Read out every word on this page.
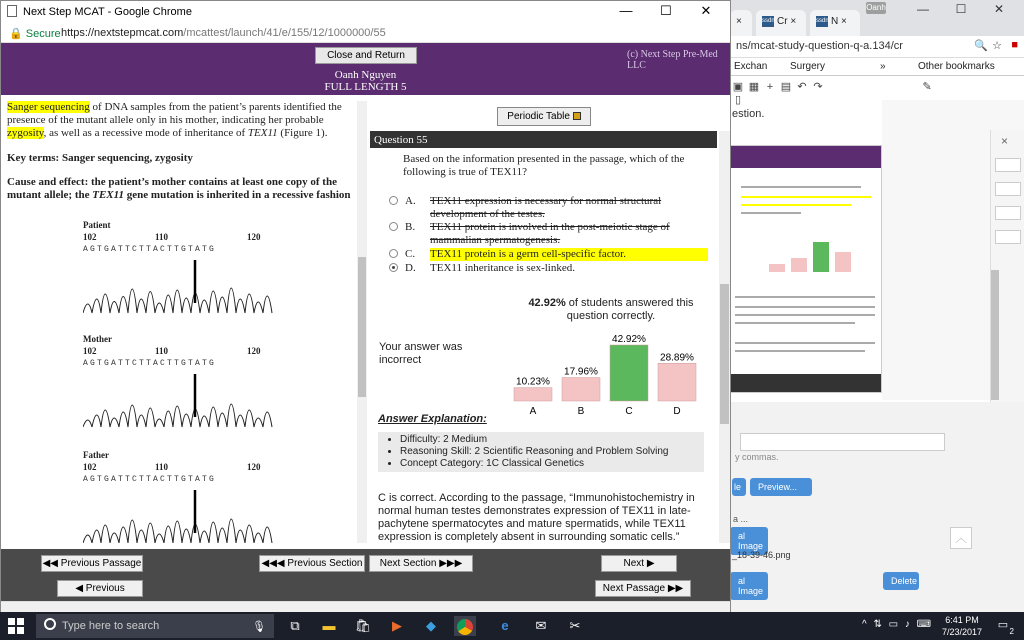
×	ssdn Cr ×	ssdn N ×
Oanh	— ☐ ✕
ns/mcat-study-question-q-a.134/cr	🔍 ☆ ■
Exchan Surgery	»	Other bookmarks
▣ ▦ + ▤ ↶ ↷	✎▯
estion.
×
y commas.
le	Preview...
a ...
al Image
_18-39-46.png
al Image
Delete
︿
Next Step MCAT - Google Chrome	— ☐ ✕
🔒 Secure https://nextstepmcat.com/mcattest/launch/41/e/155/12/1000000/55
Close and Return	(c) Next Step Pre-Med LLC
Oanh Nguyen
FULL LENGTH 5
Sanger sequencing of DNA samples from the patient’s parents identified the presence of the mutant allele only in his mother, indicating her probable zygosity, as well as a recessive mode of inheritance of TEX11 (Figure 1).
Key terms: Sanger sequencing, zygosity
Cause and effect: the patient’s mother contains at least one copy of the mutant allele; the TEX11 gene mutation is inherited in a recessive fashion
Patient
102	110	120
AGTGATTCTTACTTGTATG
Mother
102	110	120
AGTGATTCTTACTTGTATG
Father
102	110	120
AGTGATTCTTACTTGTATG
Periodic Table
Question 55
Based on the information presented in the passage, which of the following is true of TEX11?
A. TEX11 expression is necessary for normal structural development of the testes.
B. TEX11 protein is involved in the post-meiotic stage of mammalian spermatogenesis.
C. TEX11 protein is a germ cell-specific factor.
D. TEX11 inheritance is sex-linked.
42.92% of students answered this question correctly.
Your answer was incorrect
10.23%
A
17.96%
B
42.92%
C
28.89%
D
Answer Explanation:
• Difficulty: 2 Medium
• Reasoning Skill: 2 Scientific Reasoning and Problem Solving
• Concept Category: 1C Classical Genetics
C is correct. According to the passage, “Immunohistochemistry in normal human testes demonstrates expression of TEX11 in late-pachytene spermatocytes and mature spermatids, while TEX11 expression is completely absent in surrounding somatic cells.”
◀◀ Previous Passage	◀◀◀ Previous Section	Next Section ▶▶▶	Next ▶
◀ Previous	Next Passage ▶▶
Type here to search	🎙	⧉	▬	🛍	▶	◆	e	✉	✂	^ ⇅ ▭ ♪ ⌨	6:41 PM
7/23/2017
▭
2
